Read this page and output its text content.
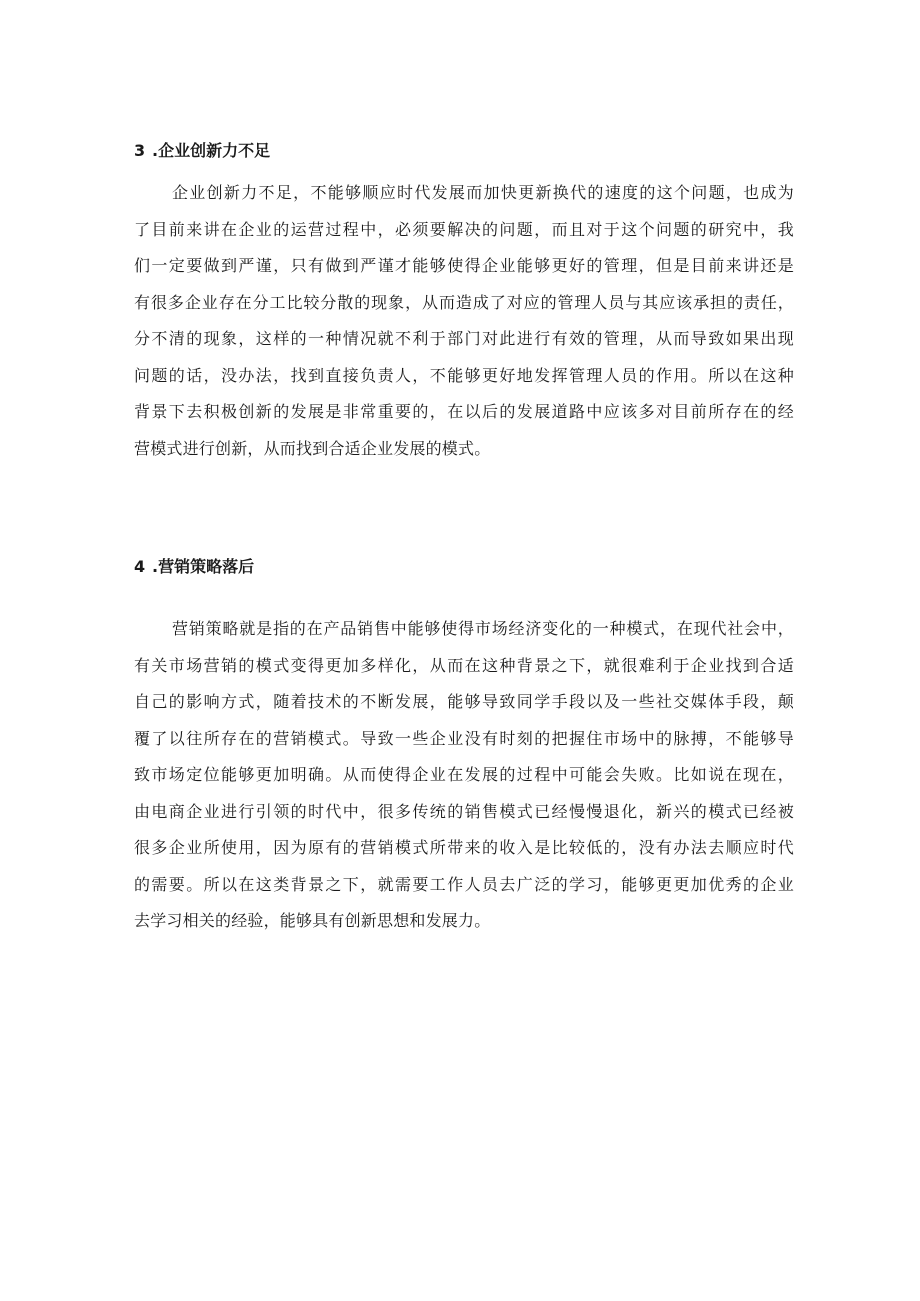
3 .企业创新力不足

企业创新力不足，不能够顺应时代发展而加快更新换代的速度的这个问题，也成为
了目前来讲在企业的运营过程中，必须要解决的问题，而且对于这个问题的研究中，我
们一定要做到严谨，只有做到严谨才能够使得企业能够更好的管理，但是目前来讲还是
有很多企业存在分工比较分散的现象，从而造成了对应的管理人员与其应该承担的责任，
分不清的现象，这样的一种情况就不利于部门对此进行有效的管理，从而导致如果出现
问题的话，没办法，找到直接负责人，不能够更好地发挥管理人员的作用。所以在这种
背景下去积极创新的发展是非常重要的，在以后的发展道路中应该多对目前所存在的经
营模式进行创新，从而找到合适企业发展的模式。

4 .营销策略落后

营销策略就是指的在产品销售中能够使得市场经济变化的一种模式，在现代社会中，
有关市场营销的模式变得更加多样化，从而在这种背景之下，就很难利于企业找到合适
自己的影响方式，随着技术的不断发展，能够导致同学手段以及一些社交媒体手段，颠
覆了以往所存在的营销模式。导致一些企业没有时刻的把握住市场中的脉搏，不能够导
致市场定位能够更加明确。从而使得企业在发展的过程中可能会失败。比如说在现在，
由电商企业进行引领的时代中，很多传统的销售模式已经慢慢退化，新兴的模式已经被
很多企业所使用，因为原有的营销模式所带来的收入是比较低的，没有办法去顺应时代
的需要。所以在这类背景之下，就需要工作人员去广泛的学习，能够更更加优秀的企业
去学习相关的经验，能够具有创新思想和发展力。
